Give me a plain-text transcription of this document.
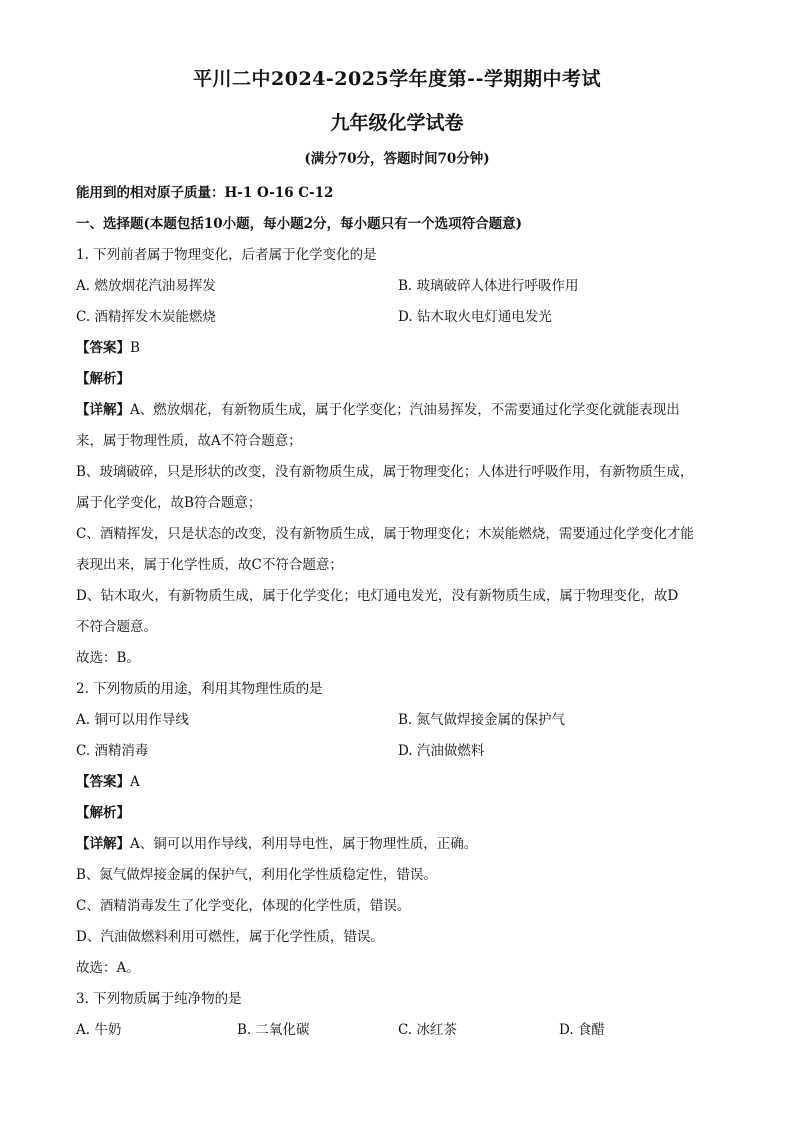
平川二中2024-2025学年度第--学期期中考试
九年级化学试卷
(满分70分，答题时间70分钟)
能用到的相对原子质量：H-1 O-16 C-12
一、选择题(本题包括10小题，每小题2分，每小题只有一个选项符合题意)
1. 下列前者属于物理变化，后者属于化学变化的是
A. 燃放烟花汽油易挥发	B. 玻璃破碎人体进行呼吸作用
C. 酒精挥发木炭能燃烧	D. 钻木取火电灯通电发光
【答案】B
【解析】
【详解】A、燃放烟花，有新物质生成，属于化学变化；汽油易挥发，不需要通过化学变化就能表现出
来，属于物理性质，故A不符合题意；
B、玻璃破碎，只是形状的改变，没有新物质生成，属于物理变化；人体进行呼吸作用，有新物质生成，
属于化学变化，故B符合题意；
C、酒精挥发，只是状态的改变，没有新物质生成，属于物理变化；木炭能燃烧，需要通过化学变化才能
表现出来，属于化学性质，故C不符合题意；
D、钻木取火，有新物质生成，属于化学变化；电灯通电发光，没有新物质生成，属于物理变化，故D
不符合题意。
故选：B。
2. 下列物质的用途，利用其物理性质的是
A. 铜可以用作导线	B. 氮气做焊接金属的保护气
C. 酒精消毒	D. 汽油做燃料
【答案】A
【解析】
【详解】A、铜可以用作导线，利用导电性，属于物理性质，正确。
B、氮气做焊接金属的保护气，利用化学性质稳定性，错误。
C、酒精消毒发生了化学变化，体现的化学性质，错误。
D、汽油做燃料利用可燃性，属于化学性质，错误。
故选：A。
3. 下列物质属于纯净物的是
A. 牛奶	B. 二氧化碳	C. 冰红茶	D. 食醋
